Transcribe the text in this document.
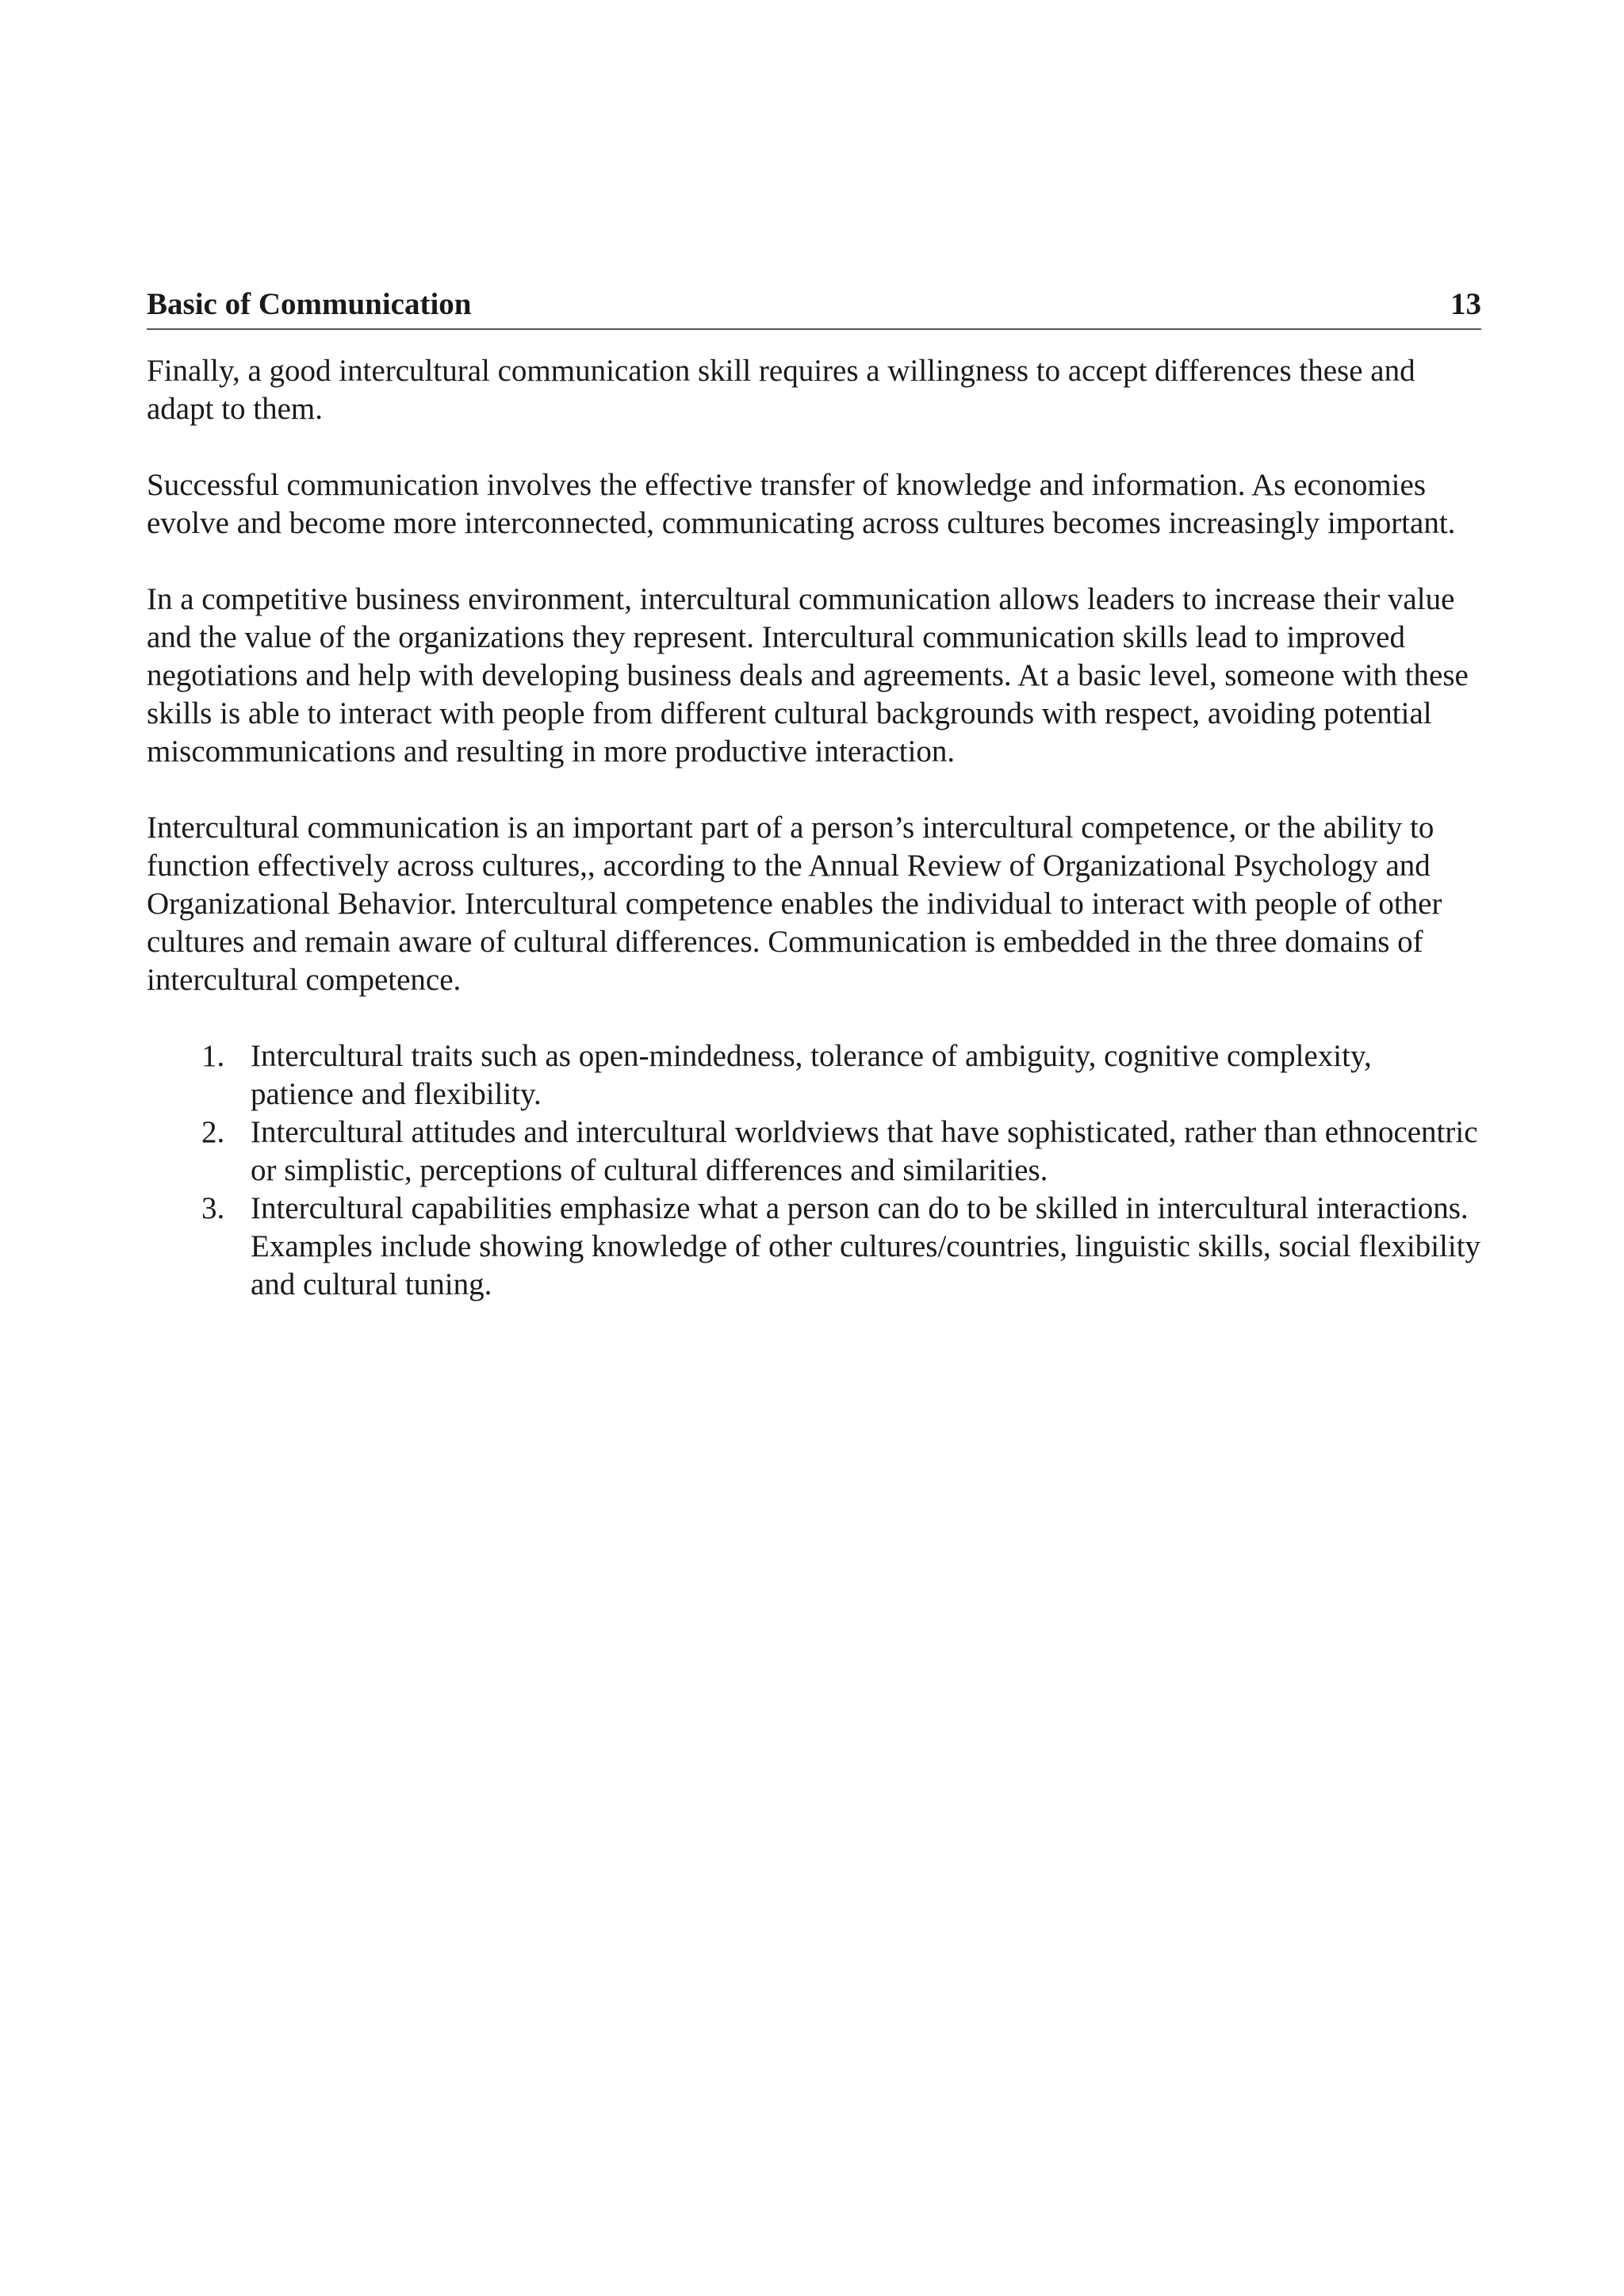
Basic of Communication	13

Finally, a good intercultural communication skill requires a willingness to accept differences these and adapt to them.

Successful communication involves the effective transfer of knowledge and information. As economies evolve and become more interconnected, communicating across cultures becomes increasingly important.

In a competitive business environment, intercultural communication allows leaders to increase their value and the value of the organizations they represent. Intercultural communication skills lead to improved negotiations and help with developing business deals and agreements. At a basic level, someone with these skills is able to interact with people from different cultural backgrounds with respect, avoiding potential miscommunications and resulting in more productive interaction.

Intercultural communication is an important part of a person’s intercultural competence, or the ability to function effectively across cultures,, according to the Annual Review of Organizational Psychology and Organizational Behavior. Intercultural competence enables the individual to interact with people of other cultures and remain aware of cultural differences. Communication is embedded in the three domains of intercultural competence.

1. Intercultural traits such as open-mindedness, tolerance of ambiguity, cognitive complexity, patience and flexibility.
2. Intercultural attitudes and intercultural worldviews that have sophisticated, rather than ethnocentric or simplistic, perceptions of cultural differences and similarities.
3. Intercultural capabilities emphasize what a person can do to be skilled in intercultural interactions. Examples include showing knowledge of other cultures/countries, linguistic skills, social flexibility and cultural tuning.
